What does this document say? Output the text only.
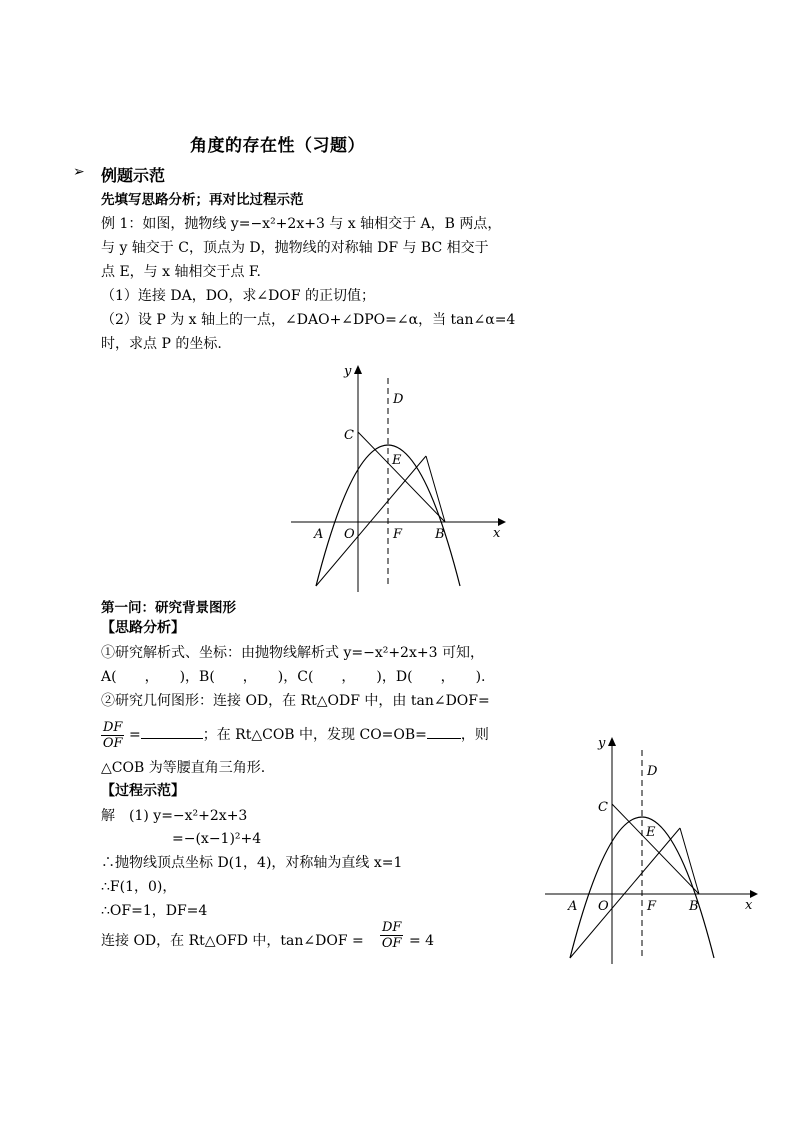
角度的存在性（习题）
➢ 例题示范
先填写思路分析；再对比过程示范
例 1：如图，抛物线 y=−x²+2x+3 与 x 轴相交于 A，B 两点，
与 y 轴交于 C，顶点为 D，抛物线的对称轴 DF 与 BC 相交于
点 E，与 x 轴相交于点 F.
（1）连接 DA，DO，求∠DOF 的正切值；
（2）设 P 为 x 轴上的一点，∠DAO+∠DPO=∠α，当 tan∠α=4
时，求点 P 的坐标.
y
x
D
C
E
A O	F	B
第一问：研究背景图形
【思路分析】
①研究解析式、坐标：由抛物线解析式 y=−x²+2x+3 可知，
A(　　，　　)，B(　　，　　)，C(　　，　　)，D(　　，　　).
②研究几何图形：连接 OD，在 Rt△ODF 中，由 tan∠DOF=
$\frac{DF}{OF}$ =	；在 Rt△COB 中，发现 CO=OB= ，则
△COB 为等腰直角三角形.
【过程示范】
解　(1) y=−x²+2x+3
=−(x−1)²+4
∴抛物线顶点坐标 D(1，4)，对称轴为直线 x=1
∴F(1，0)，
∴OF=1，DF=4
连接 OD，在 Rt△OFD 中，tan∠DOF = $\frac{DF}{OF} = 4$
y
x
D
C
E
A O	F	B
